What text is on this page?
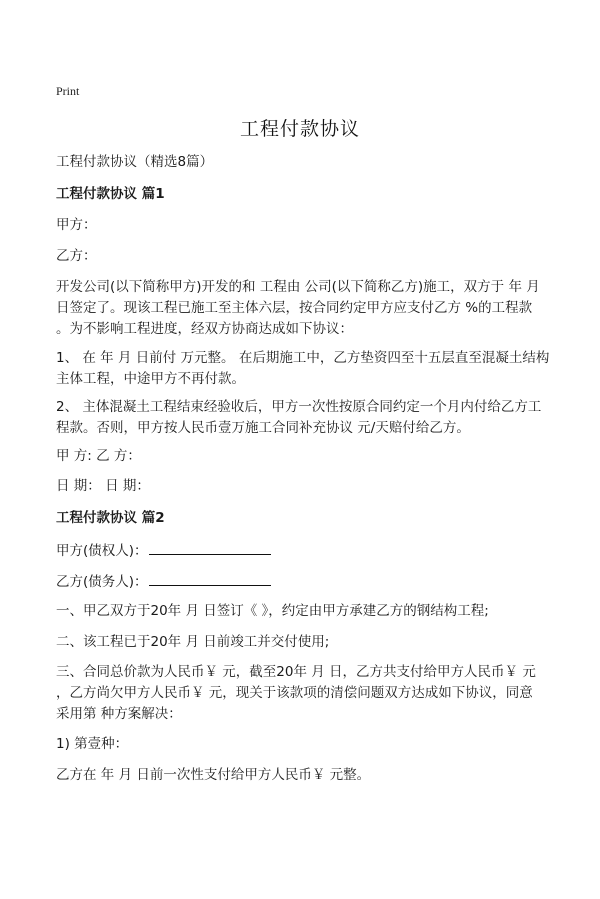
Print
工程付款协议
工程付款协议（精选8篇）
工程付款协议 篇1
甲方：
乙方：
开发公司(以下简称甲方)开发的和 工程由 公司(以下简称乙方)施工，双方于 年 月
日签定了。现该工程已施工至主体六层，按合同约定甲方应支付乙方 %的工程款
。为不影响工程进度，经双方协商达成如下协议：
1、 在 年 月 日前付 万元整。 在后期施工中，乙方垫资四至十五层直至混凝土结构
主体工程，中途甲方不再付款。
2、 主体混凝土工程结束经验收后，甲方一次性按原合同约定一个月内付给乙方工
程款。否则，甲方按人民币壹万施工合同补充协议 元/天赔付给乙方。
甲 方: 乙 方：
日 期： 日 期：
工程付款协议 篇2
甲方(债权人)：
乙方(债务人)：
一、甲乙双方于20年 月 日签订《 》，约定由甲方承建乙方的钢结构工程;
二、该工程已于20年 月 日前竣工并交付使用;
三、合同总价款为人民币￥ 元，截至20年 月 日，乙方共支付给甲方人民币￥ 元
，乙方尚欠甲方人民币￥ 元，现关于该款项的清偿问题双方达成如下协议，同意
采用第 种方案解决：
1) 第壹种：
乙方在 年 月 日前一次性支付给甲方人民币￥ 元整。
